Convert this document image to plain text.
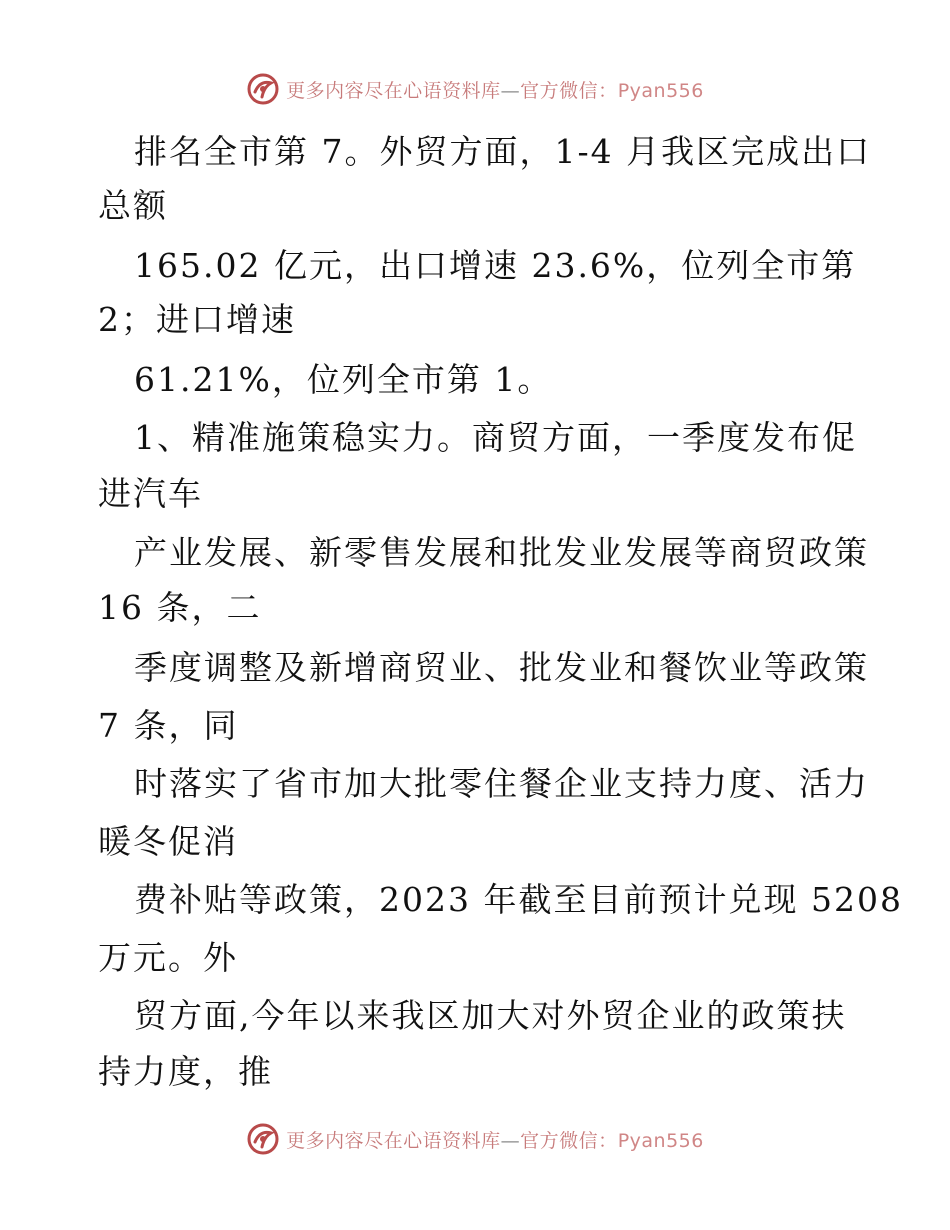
更多内容尽在心语资料库—官方微信：Pyan556
排名全市第 7。外贸方面，1-4 月我区完成出口
总额
165.02 亿元，出口增速 23.6%，位列全市第
2；进口增速
61.21%，位列全市第 1。
1、精准施策稳实力。商贸方面，一季度发布促
进汽车
产业发展、新零售发展和批发业发展等商贸政策
16 条，二
季度调整及新增商贸业、批发业和餐饮业等政策
7 条，同
时落实了省市加大批零住餐企业支持力度、活力
暖冬促消
费补贴等政策，2023 年截至目前预计兑现 5208
万元。外
贸方面,今年以来我区加大对外贸企业的政策扶
持力度，推
更多内容尽在心语资料库—官方微信：Pyan556
